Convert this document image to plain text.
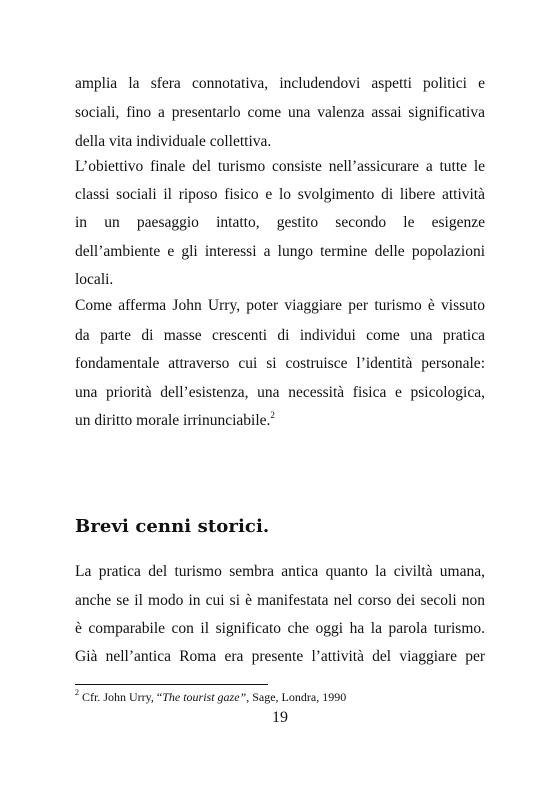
amplia la sfera connotativa, includendovi aspetti politici e
sociali, fino a presentarlo come una valenza assai significativa
della vita individuale collettiva.
L’obiettivo finale del turismo consiste nell’assicurare a tutte le
classi sociali il riposo fisico e lo svolgimento di libere attività
in un paesaggio intatto, gestito secondo le esigenze
dell’ambiente e gli interessi a lungo termine delle popolazioni
locali.
Come afferma John Urry, poter viaggiare per turismo è vissuto
da parte di masse crescenti di individui come una pratica
fondamentale attraverso cui si costruisce l’identità personale:
una priorità dell’esistenza, una necessità fisica e psicologica,
un diritto morale irrinunciabile.$^2$
Brevi cenni storici.
La pratica del turismo sembra antica quanto la civiltà umana,
anche se il modo in cui si è manifestata nel corso dei secoli non
è comparabile con il significato che oggi ha la parola turismo.
Già nell’antica Roma era presente l’attività del viaggiare per
$^2$ Cfr. John Urry, “The tourist gaze”, Sage, Londra, 1990
19
